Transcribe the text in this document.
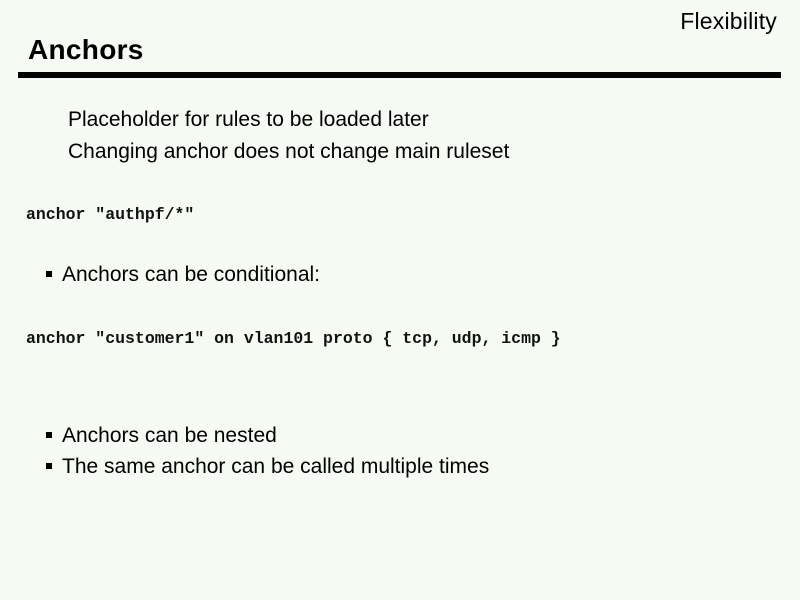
Flexibility
Anchors
Placeholder for rules to be loaded later
Changing anchor does not change main ruleset
anchor "authpf/*"
Anchors can be conditional:
anchor "customer1" on vlan101 proto { tcp, udp, icmp }
Anchors can be nested
The same anchor can be called multiple times
